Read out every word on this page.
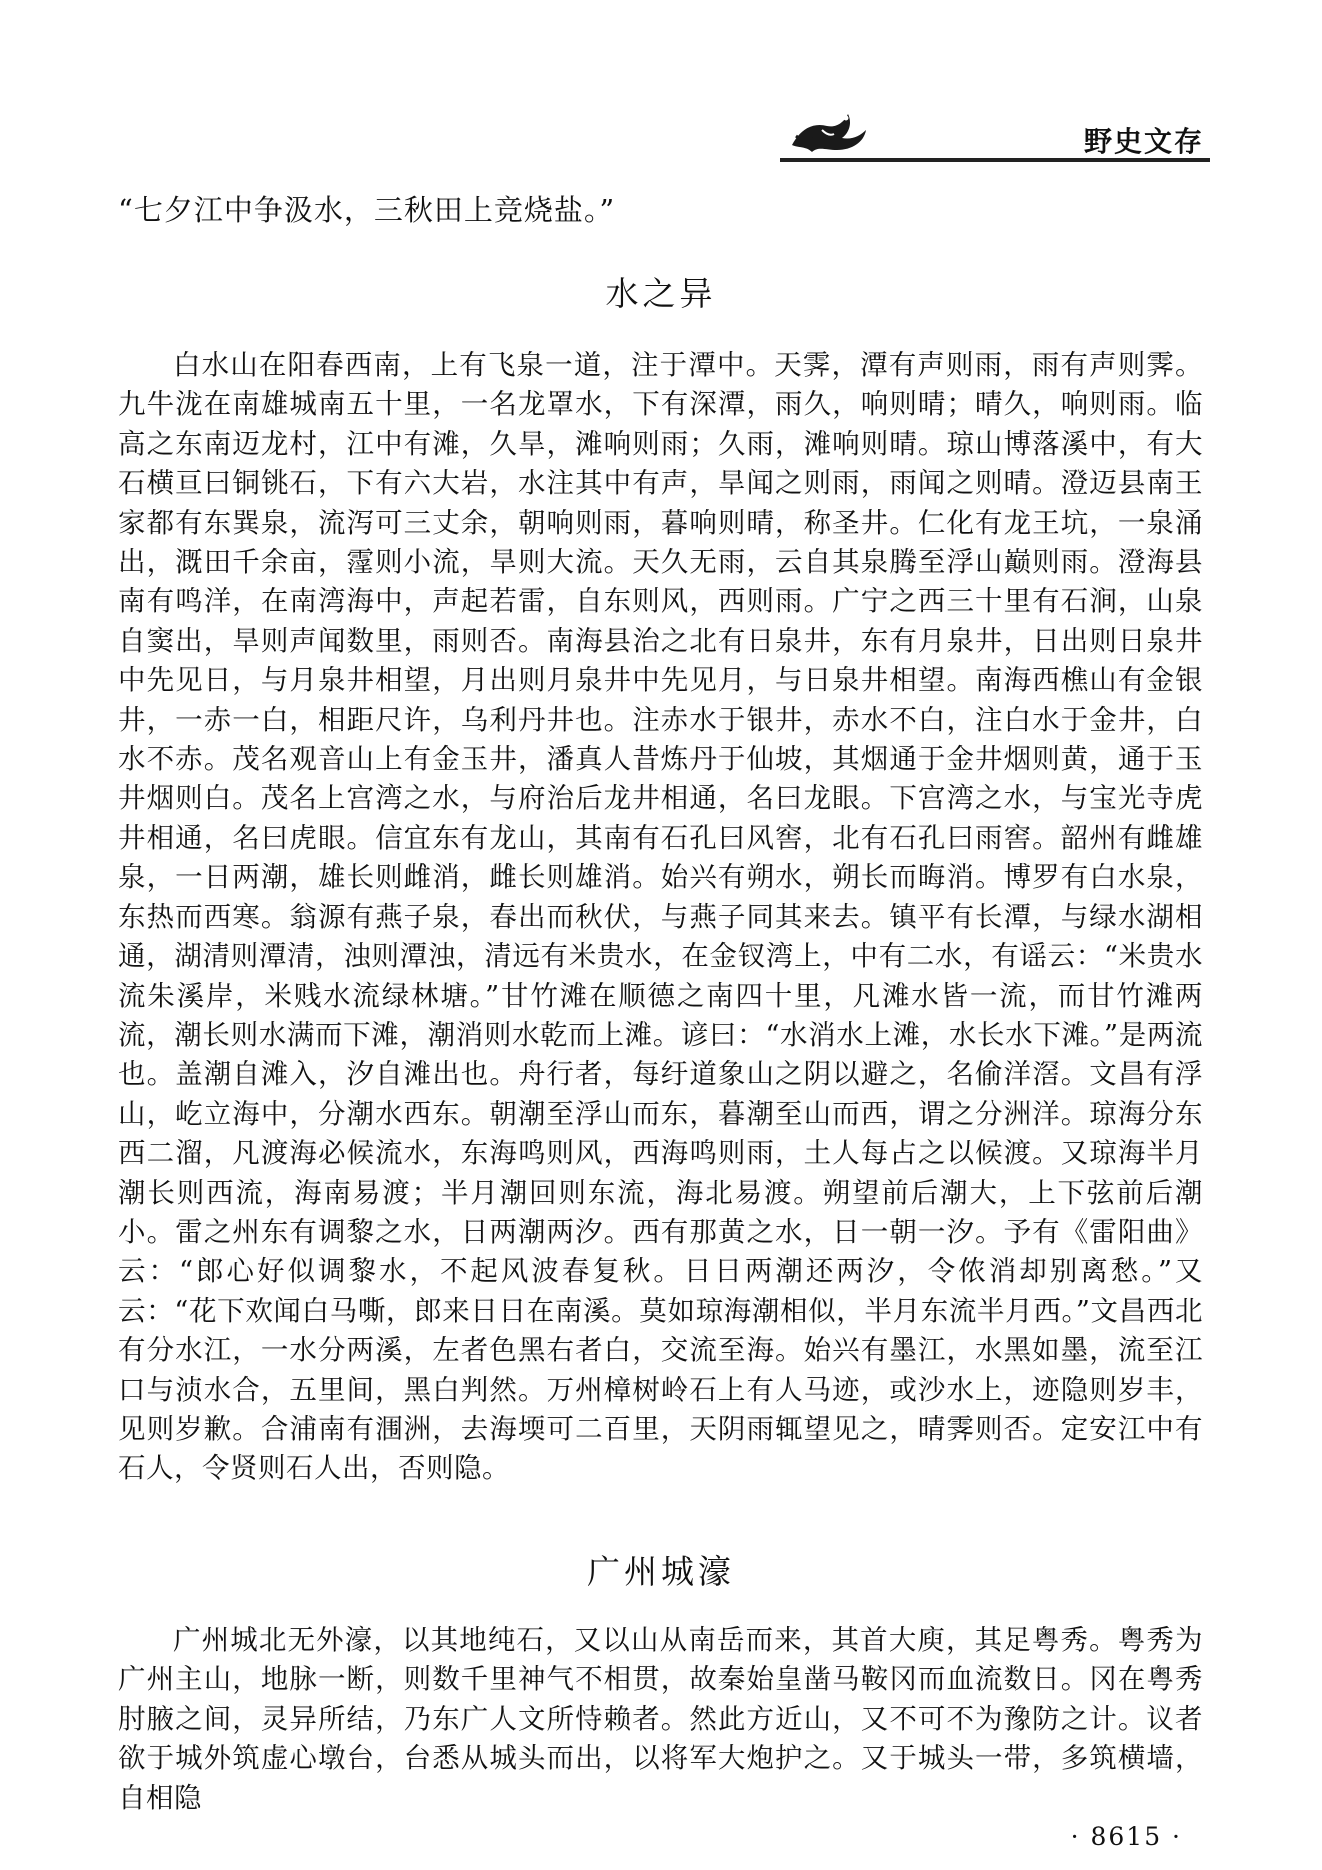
野史文存
“七夕江中争汲水，三秋田上竞烧盐。”
水之异

白水山在阳春西南，上有飞泉一道，注于潭中。天霁，潭有声则雨，雨有声则霁。九牛泷在南雄城南五十里，一名龙罩水，下有深潭，雨久，响则晴；晴久，响则雨。临高之东南迈龙村，江中有滩，久旱，滩响则雨；久雨，滩响则晴。琼山博落溪中，有大石横亘曰铜铫石，下有六大岩，水注其中有声，旱闻之则雨，雨闻之则晴。澄迈县南王家都有东巽泉，流泻可三丈余，朝响则雨，暮响则晴，称圣井。仁化有龙王坑，一泉涌出，溉田千余亩，霪则小流，旱则大流。天久无雨，云自其泉腾至浮山巅则雨。澄海县南有鸣洋，在南湾海中，声起若雷，自东则风，西则雨。广宁之西三十里有石涧，山泉自窦出，旱则声闻数里，雨则否。南海县治之北有日泉井，东有月泉井，日出则日泉井中先见日，与月泉井相望，月出则月泉井中先见月，与日泉井相望。南海西樵山有金银井，一赤一白，相距尺许，乌利丹井也。注赤水于银井，赤水不白，注白水于金井，白水不赤。茂名观音山上有金玉井，潘真人昔炼丹于仙坡，其烟通于金井烟则黄，通于玉井烟则白。茂名上宫湾之水，与府治后龙井相通，名曰龙眼。下宫湾之水，与宝光寺虎井相通，名曰虎眼。信宜东有龙山，其南有石孔曰风窖，北有石孔曰雨窖。韶州有雌雄泉，一日两潮，雄长则雌消，雌长则雄消。始兴有朔水，朔长而晦消。博罗有白水泉，东热而西寒。翁源有燕子泉，春出而秋伏，与燕子同其来去。镇平有长潭，与绿水湖相通，湖清则潭清，浊则潭浊，清远有米贵水，在金钗湾上，中有二水，有谣云：“米贵水流朱溪岸，米贱水流绿林塘。”甘竹滩在顺德之南四十里，凡滩水皆一流，而甘竹滩两流，潮长则水满而下滩，潮消则水乾而上滩。谚曰：“水消水上滩，水长水下滩。”是两流也。盖潮自滩入，汐自滩出也。舟行者，每纡道象山之阴以避之，名偷洋滘。文昌有浮山，屹立海中，分潮水西东。朝潮至浮山而东，暮潮至山而西，谓之分洲洋。琼海分东西二溜，凡渡海必候流水，东海鸣则风，西海鸣则雨，土人每占之以候渡。又琼海半月潮长则西流，海南易渡；半月潮回则东流，海北易渡。朔望前后潮大，上下弦前后潮小。雷之州东有调黎之水，日两潮两汐。西有那黄之水，日一朝一汐。予有《雷阳曲》云：“郎心好似调黎水，不起风波春复秋。日日两潮还两汐，令侬消却别离愁。”又云：“花下欢闻白马嘶，郎来日日在南溪。莫如琼海潮相似，半月东流半月西。”文昌西北有分水江，一水分两溪，左者色黑右者白，交流至海。始兴有墨江，水黑如墨，流至江口与浈水合，五里间，黑白判然。万州樟树岭石上有人马迹，或沙水上，迹隐则岁丰，见则岁歉。合浦南有涠洲，去海堧可二百里，天阴雨辄望见之，晴霁则否。定安江中有石人，令贤则石人出，否则隐。

广州城濠

广州城北无外濠，以其地纯石，又以山从南岳而来，其首大庾，其足粤秀。粤秀为广州主山，地脉一断，则数千里神气不相贯，故秦始皇凿马鞍冈而血流数日。冈在粤秀肘腋之间，灵异所结，乃东广人文所恃赖者。然此方近山，又不可不为豫防之计。议者欲于城外筑虚心墩台，台悉从城头而出，以将军大炮护之。又于城头一带，多筑横墙，自相隐

· 8615 ·
